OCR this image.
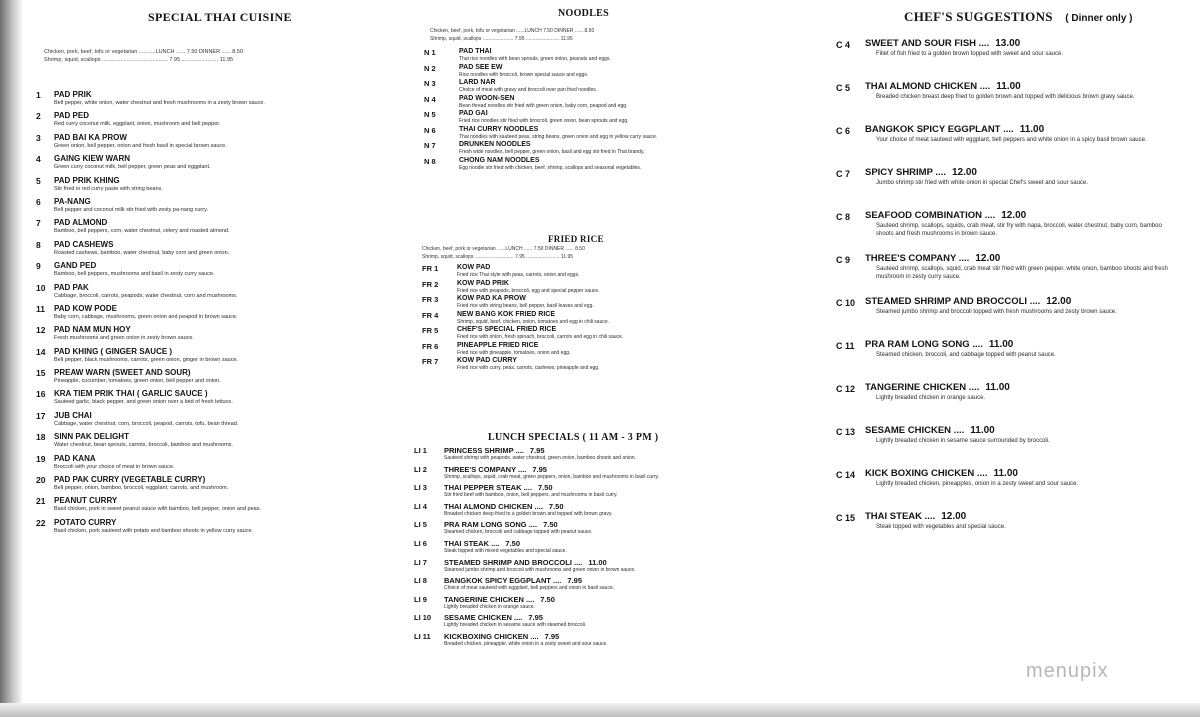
SPECIAL THAI CUISINE
Chicken, pork, beef, tofu or vegetarian ...........LUNCH ...... 7.50 DINNER ...... 8.50
Shrimp, squid, scallops ........................................... 7.95 ........................ 11.95
1 PAD PRIK
Bell pepper, white onion, water chestnut and fresh mushrooms in a zesty brown sauce.
2 PAD PED
Red curry coconut milk, eggplant, onion, mushroom and bell pepper.
3 PAD BAI KA PROW
Green onion, bell pepper, onion and fresh basil in special brown sauce.
4 GAING KIEW WARN
Green curry coconut milk, bell pepper, green peas and eggplant.
5 PAD PRIK KHING
Stir fried in red curry paste with string beans.
6 PA-NANG
Bell pepper and coconut milk stir fried with zesty pa-nang curry.
7 PAD ALMOND
Bamboo, bell peppers, corn, water chestnut, celery and roasted almond.
8 PAD CASHEWS
Roasted cashews, bamboo, water chestnut, baby corn and green onion.
9 GAND PED
Bamboo, bell peppers, mushrooms and basil in zesty curry sauce.
10 PAD PAK
Cabbage, broccoli, carrots, peapods, water chestnut, corn and mushrooms.
11 PAD KOW PODE
Baby corn, cabbage, mushrooms, green onion and peapod in brown sauce.
12 PAD NAM MUN HOY
Fresh mushrooms and green onion in zesty brown sauce.
14 PAD KHING ( GINGER SAUCE )
Bell pepper, black mushrooms, carrots, green onion, ginger in brown sauce.
15 PREAW WARN (SWEET AND SOUR)
Pineapple, cucumber, tomatoes, green onion, bell pepper and onion.
16 KRA TIEM PRIK THAI ( GARLIC SAUCE )
Sauteed garlic, black pepper, and green onion over a bed of fresh lettuce.
17 JUB CHAI
Cabbage, water chestnut, corn, broccoli, peapod, carrots, tofu, bean thread.
18 SINN PAK DELIGHT
Water chestnut, bean sprouts, carrots, broccoli, bamboo and mushrooms.
19 PAD KANA
Broccoli with your choice of meat in brown sauce.
20 PAD PAK CURRY (VEGETABLE CURRY)
Bell pepper, onion, bamboo, broccoli, eggplant, carrots, and mushroom.
21 PEANUT CURRY
Basil chicken, pork in sweet peanut sauce with bamboo, bell pepper, onion and peas.
22 POTATO CURRY
Basil chicken, pork sauteed with potato and bamboo shoots in yellow curry sauce.
NOODLES
Chicken, beef, pork, tofu or vegetarian ......LUNCH 7.50 DINNER ...... 8.50
Shrimp, squid, scallops ...................... 7.95 ........................ 11.95
N 1	PAD THAI
Thai rice noodles with bean sprouts, green onion, peanuts and eggs.
N 2	PAD SEE EW
Rice noodles with broccoli, brown special sauce and eggs.
N 3	LARD NAR
Choice of meat with gravy and broccoli over pan fried noodles.
N 4	PAD WOON-SEN
Bean thread noodles stir fried with green onion, baby corn, peapod and egg.
N 5	PAD GAI
Fried rice noodles stir fried with broccoli, green onion, bean sprouts and egg.
N 6	THAI CURRY NOODLES
Thai noodles with sauteed peas, string beans, green onion and egg in yellow curry sauce.
N 7	DRUNKEN NOODLES
Fresh wide noodles, bell pepper, green onion, basil and egg stir fried in Thai brandy.
N 8	CHONG NAM NOODLES
Egg noodle stir fried with chicken, beef, shrimp, scallops and seasonal vegetables.
FRIED RICE
Chicken, beef, pork or vegetarian ......LUNCH ...... 7.50 DINNER ...... 8.50
Shrimp, squid, scallops ............................ 7.95 ........................ 11.95
FR 1	KOW PAD
Fried rice Thai style with peas, carrots, onion and eggs.
FR 2	KOW PAD PRIK
Fried rice with peapods, broccoli, egg and special pepper sauce.
FR 3	KOW PAD KA PROW
Fried rice with string beans, bell pepper, basil leaves and egg.
FR 4	NEW BANG KOK FRIED RICE
Shrimp, squid, beef, chicken, onion, tomatoes and egg in chili sauce.
FR 5	CHEF'S SPECIAL FRIED RICE
Fried rice with onion, fresh spinach, broccoli, carrots and egg in chili sauce.
FR 6	PINEAPPLE FRIED RICE
Fried rice with pineapple, tomatoes, onion and egg.
FR 7	KOW PAD CURRY
Fried rice with curry, peas, carrots, cashews, pineapple and egg.
LUNCH SPECIALS ( 11 AM - 3 PM )
LI 1 PRINCESS SHRIMP .... 7.95
Sauteed shrimp with peapods, water chestnut, green onion, bamboo shoots and onion.
LI 2 THREE'S COMPANY .... 7.95
Shrimp, scallops, squid, crab meat, green peppers, onion, bamboo and mushrooms in basil curry.
LI 3 THAI PEPPER STEAK .... 7.50
Stir fried beef with bamboo, onion, bell peppers, and mushrooms in basil curry.
LI 4 THAI ALMOND CHICKEN .... 7.50
Breaded chicken deep fried to a golden brown and topped with brown gravy.
LI 5 PRA RAM LONG SONG .... 7.50
Steamed chicken, broccoli and cabbage topped with peanut sauce.
LI 6 THAI STEAK .... 7.50
Steak topped with mixed vegetables and special sauce.
LI 7 STEAMED SHRIMP AND BROCCOLI .... 11.00
Steamed jumbo shrimp and broccoli with mushrooms and green onion in brown sauce.
LI 8 BANGKOK SPICY EGGPLANT .... 7.95
Choice of meat sauteed with eggplant, bell peppers and onion in basil sauce.
LI 9 TANGERINE CHICKEN .... 7.50
Lightly breaded chicken in orange sauce.
LI 10 SESAME CHICKEN .... 7.95
Lightly breaded chicken in sesame sauce with steamed broccoli.
LI 11 KICKBOXING CHICKEN .... 7.95
Breaded chicken, pineapple, white onion in a zesty sweet and sour sauce.
CHEF'S SUGGESTIONS ( Dinner only )
C 4 SWEET AND SOUR FISH .... 13.00
Fillet of fish fried to a golden brown topped with sweet and sour sauce.
C 5 THAI ALMOND CHICKEN .... 11.00
Breaded chicken breast deep fried to golden brown and topped with delicious brown gravy sauce.
C 6 BANGKOK SPICY EGGPLANT .... 11.00
Your choice of meat sauteed with eggplant, bell peppers and white onion in a spicy basil brown sauce.
C 7 SPICY SHRIMP .... 12.00
Jumbo shrimp stir fried with white onion in special Chef's sweet and sour sauce.
C 8 SEAFOOD COMBINATION .... 12.00
Sauteed shrimp, scallops, squids, crab meat, stir fry with napa, broccoli, water chestnut, baby corn, bamboo shoots and fresh mushrooms in brown sauce.
C 9 THREE'S COMPANY .... 12.00
Sauteed shrimp, scallops, squid, crab meat stir fried with green pepper, white onion, bamboo shoots and fresh mushroom in zesty curry sauce.
C 10 STEAMED SHRIMP AND BROCCOLI .... 12.00
Steamed jumbo shrimp and broccoli topped with fresh mushrooms and zesty brown sauce.
C 11 PRA RAM LONG SONG .... 11.00
Steamed chicken, broccoli, and cabbage topped with peanut sauce.
C 12 TANGERINE CHICKEN .... 11.00
Lightly breaded chicken in orange sauce.
C 13 SESAME CHICKEN .... 11.00
Lightly breaded chicken in sesame sauce surrounded by broccoli.
C 14 KICK BOXING CHICKEN .... 11.00
Lightly breaded chicken, pineapples, onion in a zesty sweet and sour sauce.
C 15 THAI STEAK .... 12.00
Steak topped with vegetables and special sauce.
menupix
